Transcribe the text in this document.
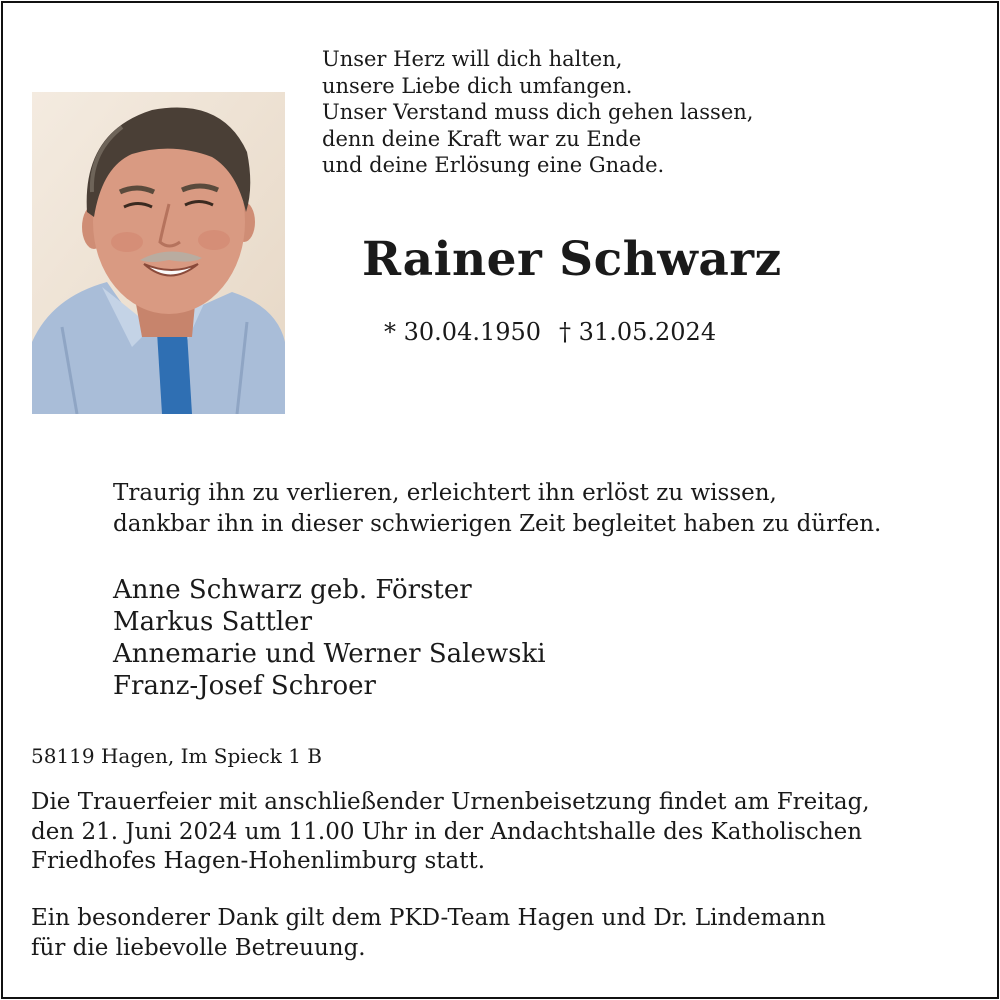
Unser Herz will dich halten,
unsere Liebe dich umfangen.
Unser Verstand muss dich gehen lassen,
denn deine Kraft war zu Ende
und deine Erlösung eine Gnade.
Rainer Schwarz
* 30.04.1950 † 31.05.2024
Traurig ihn zu verlieren, erleichtert ihn erlöst zu wissen,
dankbar ihn in dieser schwierigen Zeit begleitet haben zu dürfen.
Anne Schwarz geb. Förster
Markus Sattler
Annemarie und Werner Salewski
Franz-Josef Schroer
58119 Hagen, Im Spieck 1 B
Die Trauerfeier mit anschließender Urnenbeisetzung findet am Freitag,
den 21. Juni 2024 um 11.00 Uhr in der Andachtshalle des Katholischen
Friedhofes Hagen-Hohenlimburg statt.
Ein besonderer Dank gilt dem PKD-Team Hagen und Dr. Lindemann
für die liebevolle Betreuung.
